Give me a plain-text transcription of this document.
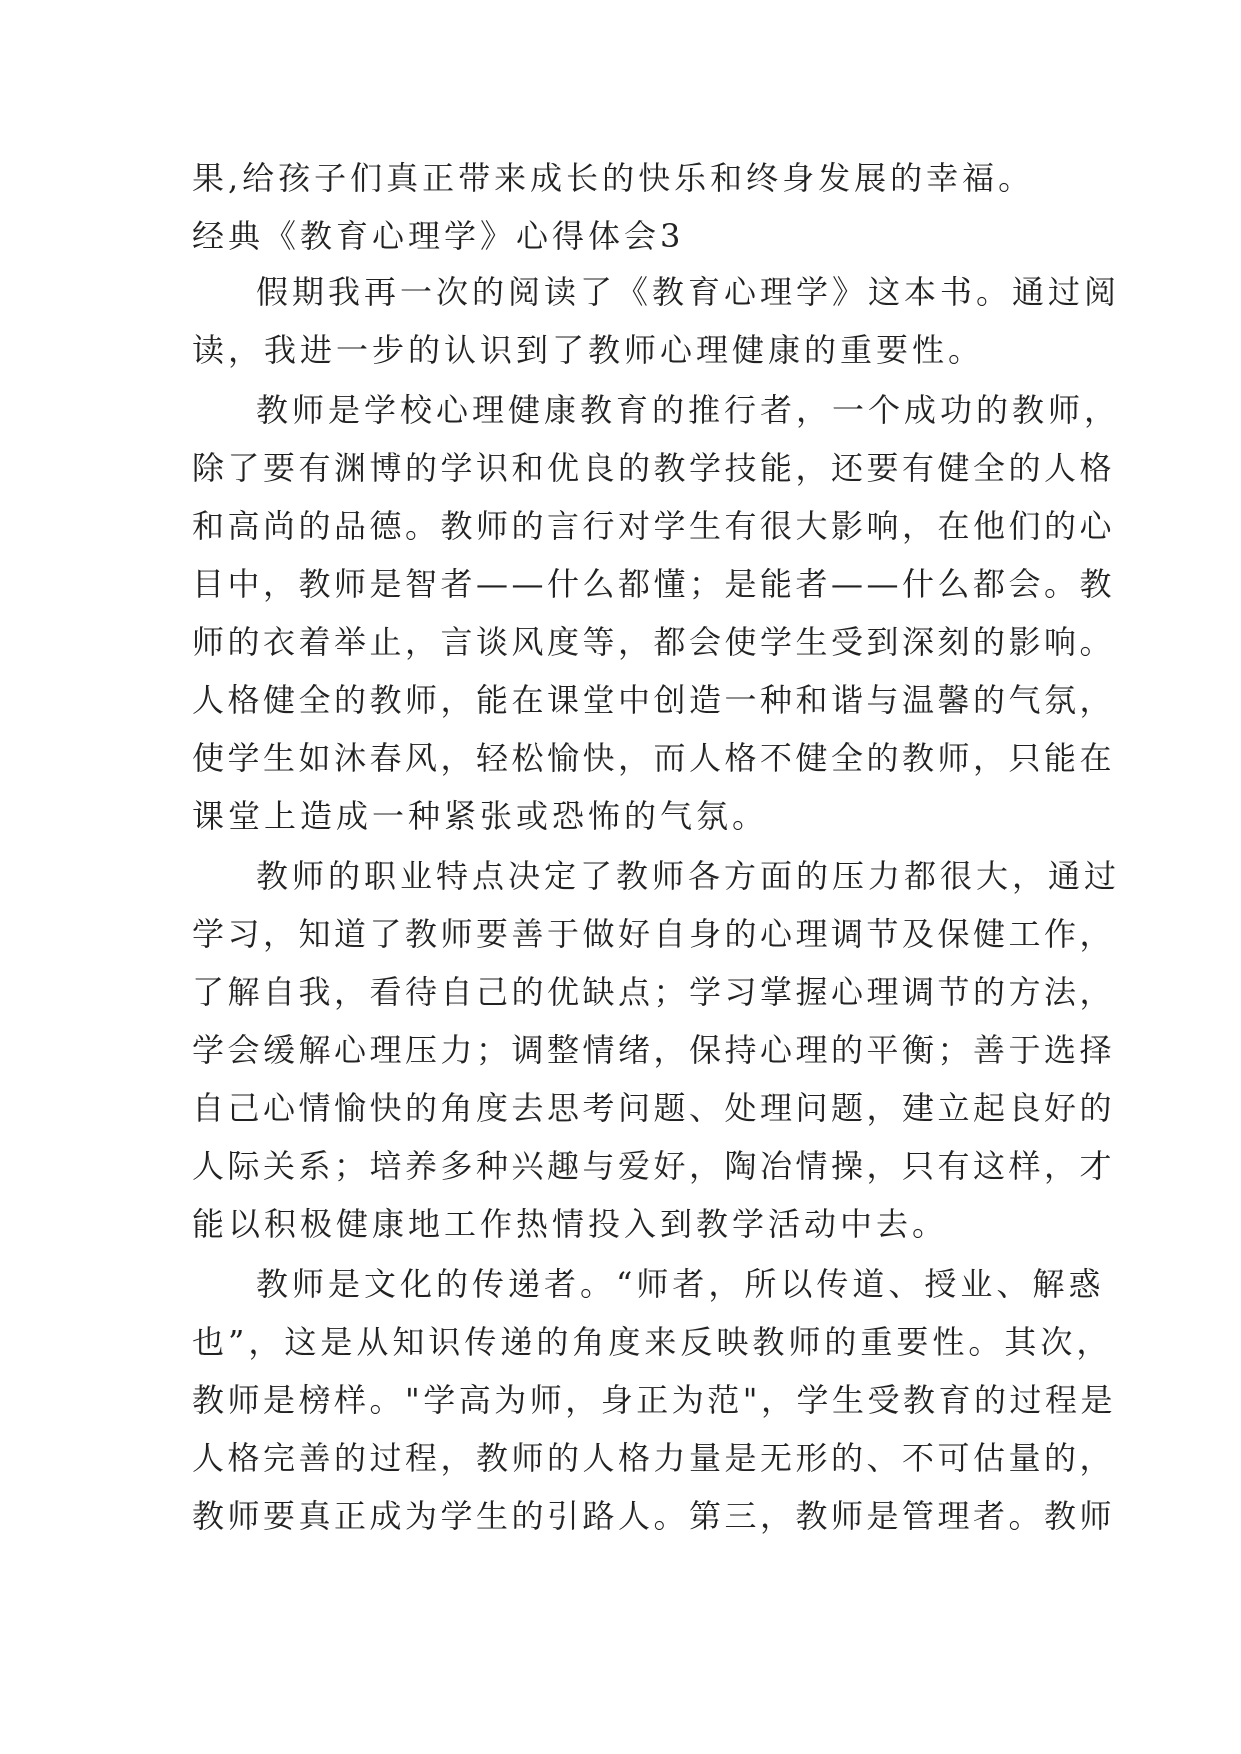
果,给孩子们真正带来成长的快乐和终身发展的幸福。
经典《教育心理学》心得体会3
假期我再一次的阅读了《教育心理学》这本书。通过阅
读，我进一步的认识到了教师心理健康的重要性。
教师是学校心理健康教育的推行者，一个成功的教师，
除了要有渊博的学识和优良的教学技能，还要有健全的人格
和高尚的品德。教师的言行对学生有很大影响，在他们的心
目中，教师是智者——什么都懂；是能者——什么都会。教
师的衣着举止，言谈风度等，都会使学生受到深刻的影响。
人格健全的教师，能在课堂中创造一种和谐与温馨的气氛，
使学生如沐春风，轻松愉快，而人格不健全的教师，只能在
课堂上造成一种紧张或恐怖的气氛。
教师的职业特点决定了教师各方面的压力都很大，通过
学习，知道了教师要善于做好自身的心理调节及保健工作，
了解自我，看待自己的优缺点；学习掌握心理调节的方法，
学会缓解心理压力；调整情绪，保持心理的平衡；善于选择
自己心情愉快的角度去思考问题、处理问题，建立起良好的
人际关系；培养多种兴趣与爱好，陶冶情操，只有这样，才
能以积极健康地工作热情投入到教学活动中去。
教师是文化的传递者。“师者，所以传道、授业、解惑
也”，这是从知识传递的角度来反映教师的重要性。其次，
教师是榜样。"学高为师，身正为范"，学生受教育的过程是
人格完善的过程，教师的人格力量是无形的、不可估量的，
教师要真正成为学生的引路人。第三，教师是管理者。教师
